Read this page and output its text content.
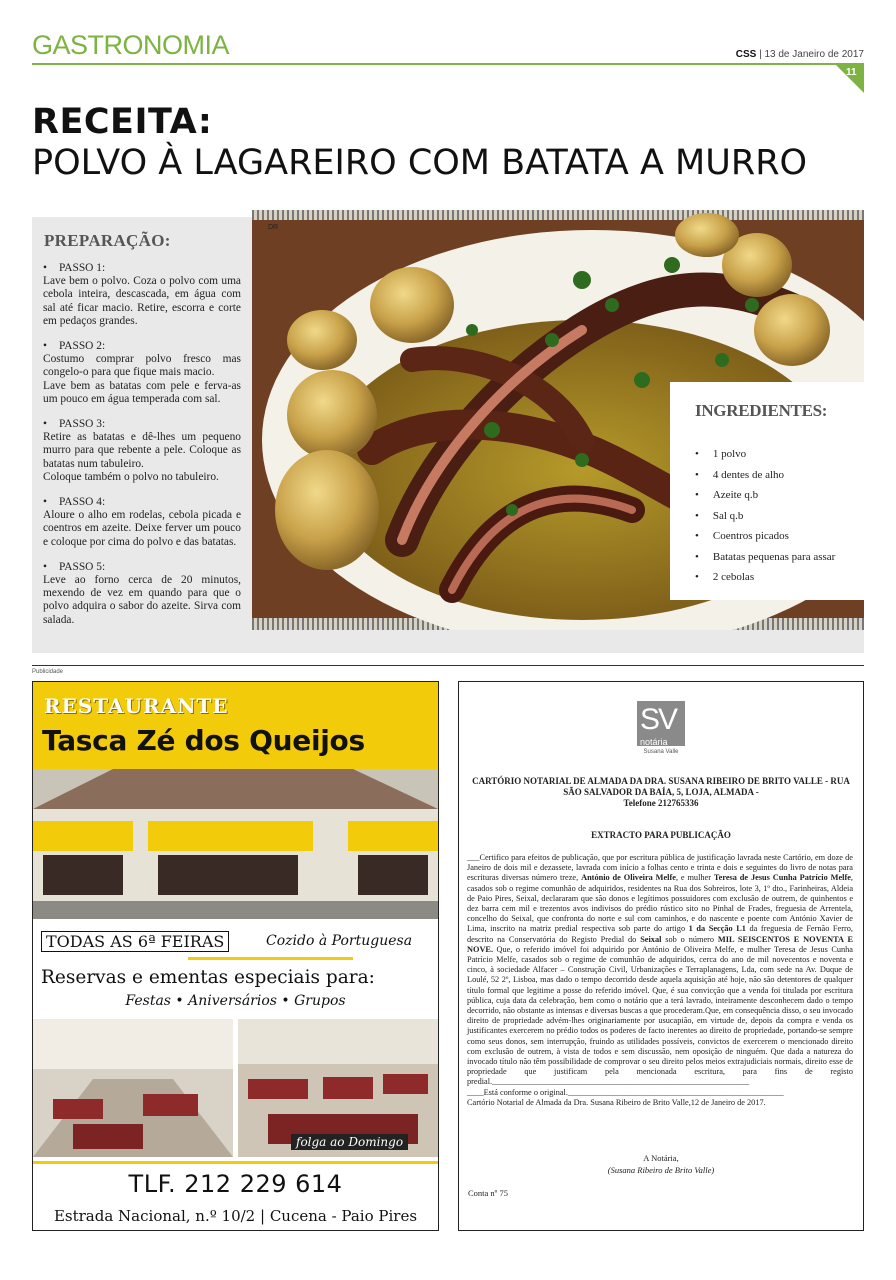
GASTRONOMIA	CSS | 13 de Janeiro de 2017
11
RECEITA:
POLVO À LAGAREIRO COM BATATA A MURRO
PREPARAÇÃO:
• PASSO 1:
Lave bem o polvo. Coza o polvo com uma cebola inteira, descascada, em água com sal até ficar macio. Retire, escorra e corte em pedaços grandes.
• PASSO 2:
Costumo comprar polvo fresco mas congelo-o para que fique mais macio.
Lave bem as batatas com pele e ferva-as um pouco em água temperada com sal.
• PASSO 3:
Retire as batatas e dê-lhes um pequeno murro para que rebente a pele. Coloque as batatas num tabuleiro.
Coloque também o polvo no tabuleiro.
• PASSO 4:
Aloure o alho em rodelas, cebola picada e coentros em azeite. Deixe ferver um pouco e coloque por cima do polvo e das batatas.
• PASSO 5:
Leve ao forno cerca de 20 minutos, mexendo de vez em quando para que o polvo adquira o sabor do azeite. Sirva com salada.
DR
INGREDIENTES:
• 1 polvo
• 4 dentes de alho
• Azeite q.b
• Sal q.b
• Coentros picados
• Batatas pequenas para assar
• 2 cebolas
Publicidade
RESTAURANTE
Tasca Zé dos Queijos
TODAS AS 6ª FEIRAS	Cozido à Portuguesa
Reservas e ementas especiais para:
Festas • Aniversários • Grupos
folga ao Domingo
TLF. 212 229 614
Estrada Nacional, n.º 10/2 | Cucena - Paio Pires
SV
notária
Susana Valle
CARTÓRIO NOTARIAL DE ALMADA DA DRA. SUSANA RIBEIRO DE BRITO VALLE - RUA SÃO SALVADOR DA BAÍA, 5, LOJA, ALMADA -
Telefone 212765336
EXTRACTO PARA PUBLICAÇÃO

___Certifico para efeitos de publicação, que por escritura pública de justificação lavrada neste Cartório, em doze de Janeiro de dois mil e dezassete, lavrada com início a folhas cento e trinta e dois e seguintes do livro de notas para escrituras diversas número treze, António de Oliveira Melfe, e mulher Teresa de Jesus Cunha Patrício Melfe, casados sob o regime comunhão de adquiridos, residentes na Rua dos Sobreiros, lote 3, 1º dto., Farinheiras, Aldeia de Paio Pires, Seixal, declararam que são donos e legítimos possuidores com exclusão de outrem, de quinhentos e dez barra cem mil e trezentos avos indivisos do prédio rústico sito no Pinhal de Frades, freguesia de Arrentela, concelho do Seixal, que confronta do norte e sul com caminhos, e do nascente e poente com António Xavier de Lima, inscrito na matriz predial respectiva sob parte do artigo 1 da Secção L1 da freguesia de Fernão Ferro, descrito na Conservatória do Registo Predial do Seixal sob o número MIL SEISCENTOS E NOVENTA E NOVE. Que, o referido imóvel foi adquirido por António de Oliveira Melfe, e mulher Teresa de Jesus Cunha Patrício Melfe, casados sob o regime de comunhão de adquiridos, cerca do ano de mil novecentos e noventa e cinco, à sociedade Alfacer – Construção Civil, Urbanizações e Terraplanagens, Lda, com sede na Av. Duque de Loulé, 52 2º, Lisboa, mas dado o tempo decorrido desde aquela aquisição até hoje, não são detentores de qualquer título formal que legitime a posse do referido imóvel. Que, é sua convicção que a venda foi titulada por escritura pública, cuja data da celebração, bem como o notário que a terá lavrado, inteiramente desconhecem dado o tempo decorrido, não obstante as intensas e diversas buscas a que procederam.Que, em consequência disso, o seu invocado direito de propriedade advém-lhes originariamente por usucapião, em virtude de, depois da compra e venda os justificantes exercerem no prédio todos os poderes de facto inerentes ao direito de propriedade, portando-se sempre como seus donos, sem interrupção, fruindo as utilidades possíveis, convictos de exercerem o mencionado direito com exclusão de outrem, à vista de todos e sem discussão, nem oposição de ninguém. Que dada a natureza do invocado título não têm possibilidade de comprovar o seu direito pelos meios extrajudiciais normais, direito esse de propriedade que justificam pela mencionada escritura, para fins de registo predial.______________________________________________________________

____Está conforme o original.____________________________________________________

Cartório Notarial de Almada da Dra. Susana Ribeiro de Brito Valle,12 de Janeiro de 2017.

A Notária,
(Susana Ribeiro de Brito Valle)
Conta nº 75
